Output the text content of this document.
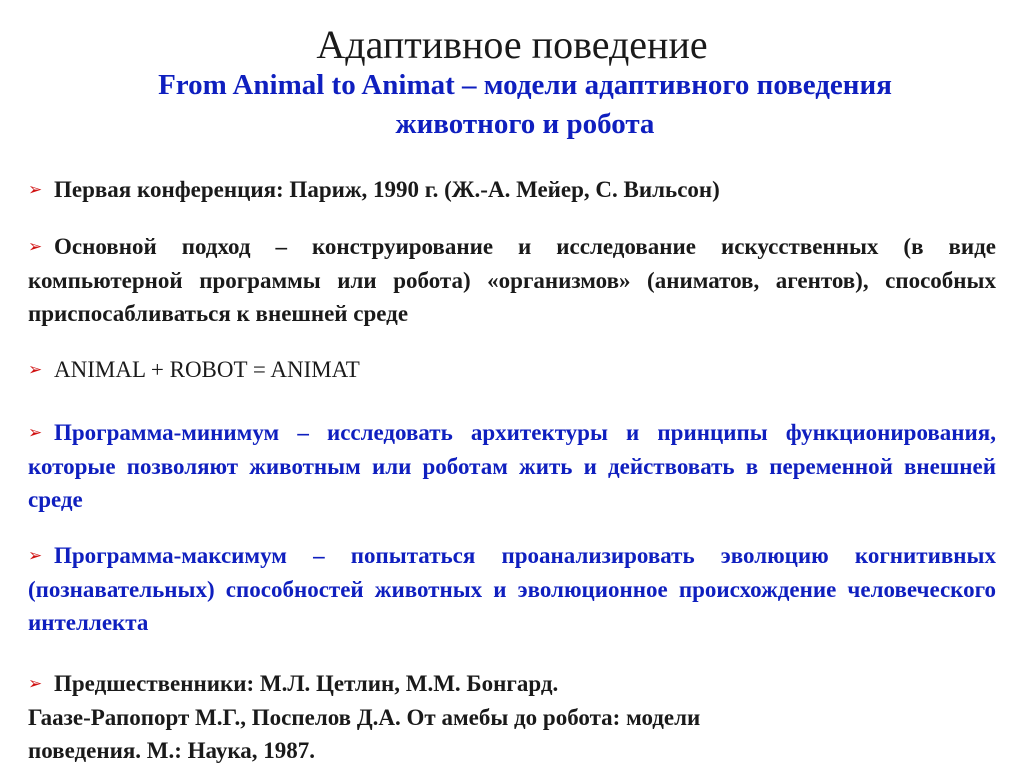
Адаптивное поведение
From Animal to Animat – модели адаптивного поведения
животного и робота
➢ Первая конференция: Париж, 1990 г. (Ж.-А. Мейер, С. Вильсон)
➢ Основной подход – конструирование и исследование искусственных (в виде компьютерной программы или робота) «организмов» (аниматов, агентов), способных приспосабливаться к внешней среде
➢ ANIMAL + ROBOT = ANIMAT
➢ Программа-минимум – исследовать архитектуры и принципы функционирования, которые позволяют животным или роботам жить и действовать в переменной внешней среде
➢ Программа-максимум – попытаться проанализировать эволюцию когнитивных (познавательных) способностей животных и эволюционное происхождение человеческого интеллекта
➢ Предшественники: М.Л. Цетлин, М.М. Бонгард.
Гаазе-Рапопорт М.Г., Поспелов Д.А. От амебы до робота: модели
поведения. М.: Наука, 1987.
